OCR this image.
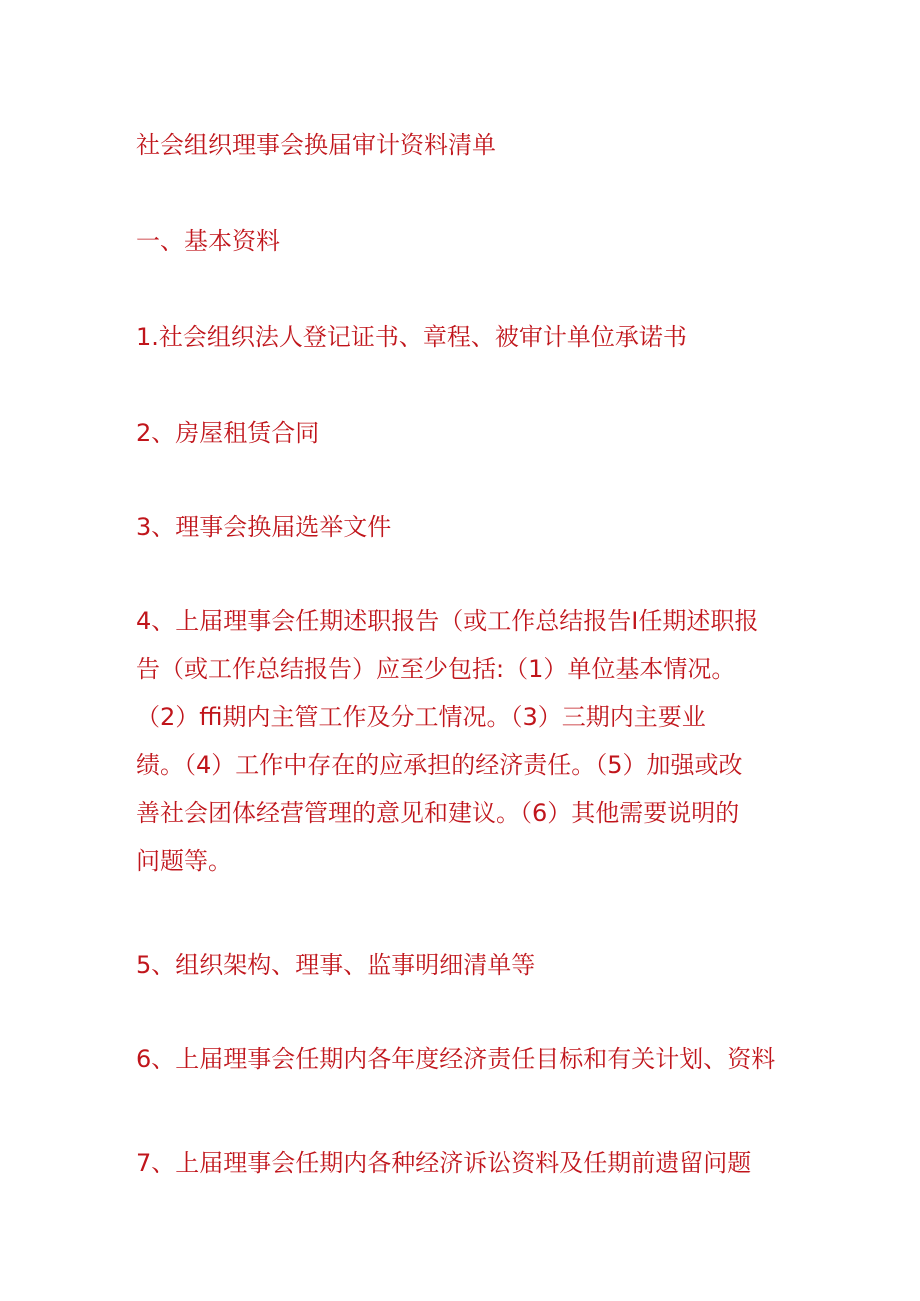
社会组织理事会换届审计资料清单

一、基本资料

1.社会组织法人登记证书、章程、被审计单位承诺书

2、房屋租赁合同

3、理事会换届选举文件

4、上届理事会任期述职报告（或工作总结报告I任期述职报
告（或工作总结报告）应至少包括:（1）单位基本情况。
（2）ffi期内主管工作及分工情况。（3）三期内主要业
绩。（4）工作中存在的应承担的经济责任。（5）加强或改
善社会团体经营管理的意见和建议。（6）其他需要说明的
问题等。

5、组织架构、理事、监事明细清单等

6、上届理事会任期内各年度经济责任目标和有关计划、资料

7、上届理事会任期内各种经济诉讼资料及任期前遗留问题
